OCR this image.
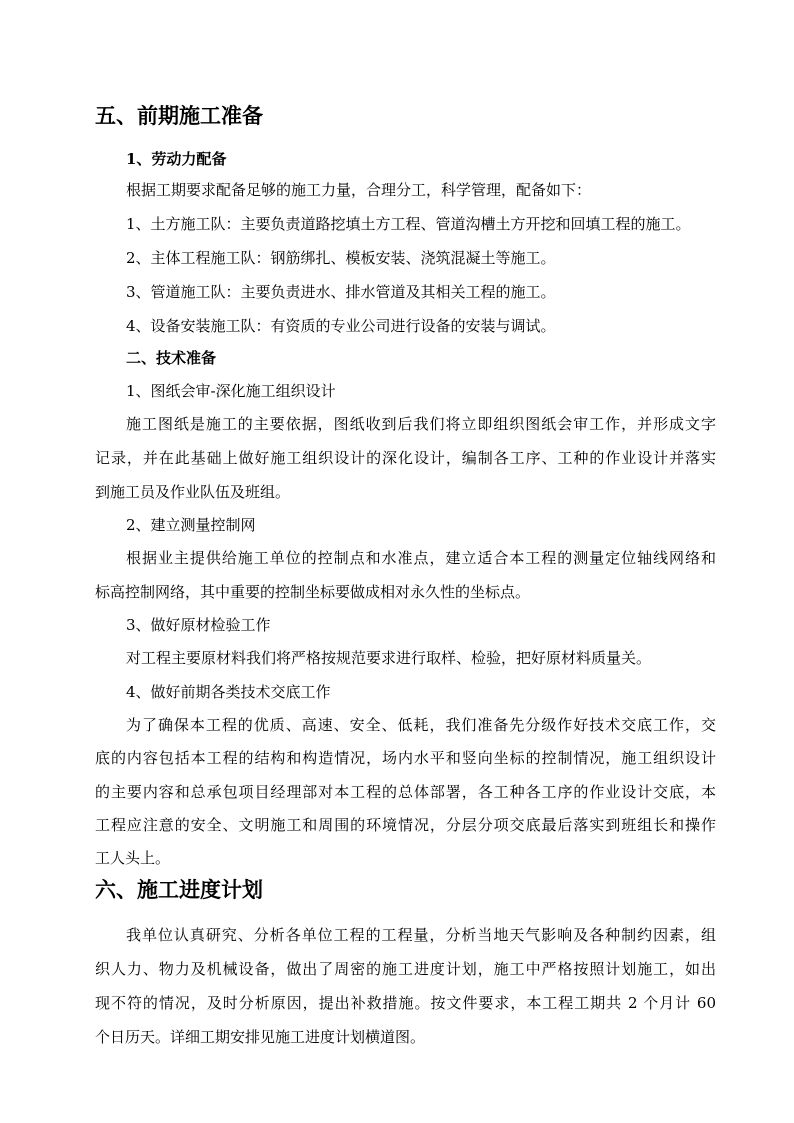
五、前期施工准备
1、劳动力配备
根据工期要求配备足够的施工力量，合理分工，科学管理，配备如下：
1、土方施工队：主要负责道路挖填土方工程、管道沟槽土方开挖和回填工程的施工。
2、主体工程施工队：钢筋绑扎、模板安装、浇筑混凝土等施工。
3、管道施工队：主要负责进水、排水管道及其相关工程的施工。
4、设备安装施工队：有资质的专业公司进行设备的安装与调试。
二、技术准备
1、图纸会审-深化施工组织设计
施工图纸是施工的主要依据，图纸收到后我们将立即组织图纸会审工作，并形成文字
记录，并在此基础上做好施工组织设计的深化设计，编制各工序、工种的作业设计并落实
到施工员及作业队伍及班组。
2、建立测量控制网
根据业主提供给施工单位的控制点和水准点，建立适合本工程的测量定位轴线网络和
标高控制网络，其中重要的控制坐标要做成相对永久性的坐标点。
3、做好原材检验工作
对工程主要原材料我们将严格按规范要求进行取样、检验，把好原材料质量关。
4、做好前期各类技术交底工作
为了确保本工程的优质、高速、安全、低耗，我们准备先分级作好技术交底工作，交
底的内容包括本工程的结构和构造情况，场内水平和竖向坐标的控制情况，施工组织设计
的主要内容和总承包项目经理部对本工程的总体部署，各工种各工序的作业设计交底，本
工程应注意的安全、文明施工和周围的环境情况，分层分项交底最后落实到班组长和操作
工人头上。
六、施工进度计划
我单位认真研究、分析各单位工程的工程量，分析当地天气影响及各种制约因素，组
织人力、物力及机械设备，做出了周密的施工进度计划，施工中严格按照计划施工，如出
现不符的情况，及时分析原因，提出补救措施。按文件要求，本工程工期共 2 个月计 60
个日历天。详细工期安排见施工进度计划横道图。
